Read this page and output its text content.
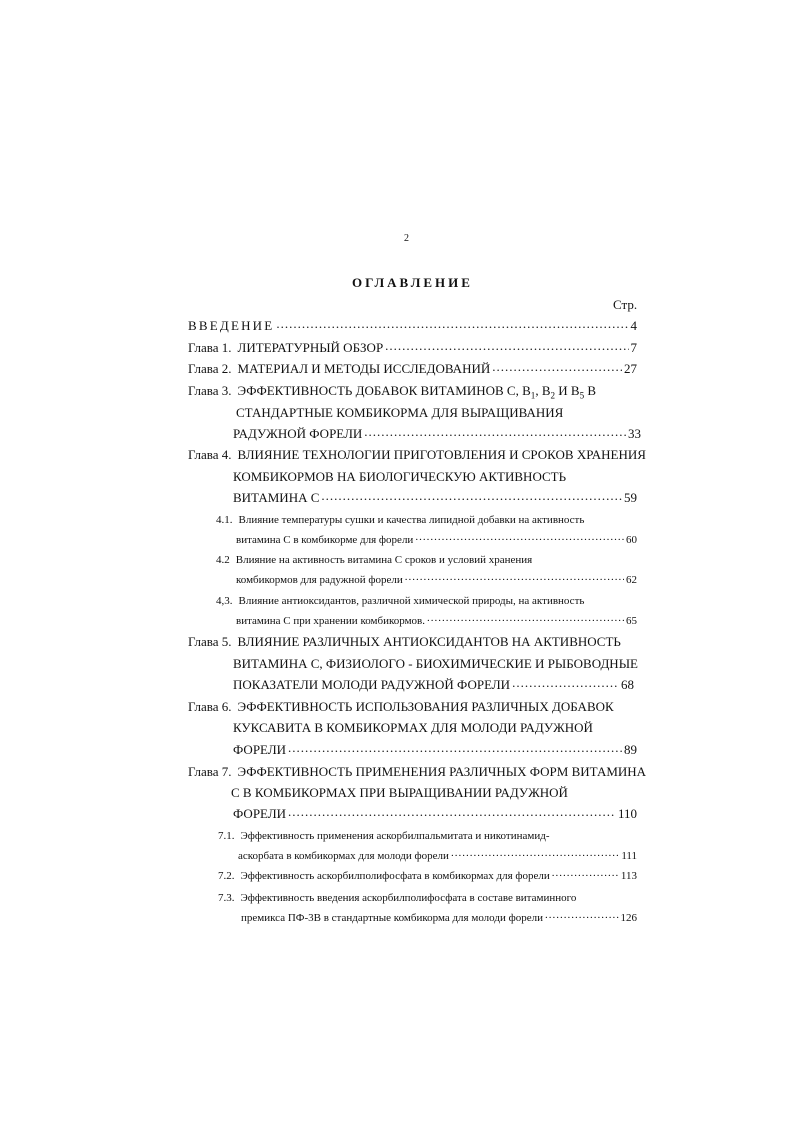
2
ОГЛАВЛЕНИЕ
Стр.
ВВЕДЕНИЕ .....	4
Глава 1. ЛИТЕРАТУРНЫЙ ОБЗОР .....	7
Глава 2. МАТЕРИАЛ И МЕТОДЫ ИССЛЕДОВАНИЙ .....	27
Глава 3. ЭФФЕКТИВНОСТЬ ДОБАВОК ВИТАМИНОВ С, $В_1$, $В_2$ И $В_5$ В
СТАНДАРТНЫЕ КОМБИКОРМА ДЛЯ ВЫРАЩИВАНИЯ
РАДУЖНОЙ ФОРЕЛИ .....	33
Глава 4. ВЛИЯНИЕ ТЕХНОЛОГИИ ПРИГОТОВЛЕНИЯ И СРОКОВ ХРАНЕНИЯ
КОМБИКОРМОВ НА БИОЛОГИЧЕСКУЮ АКТИВНОСТЬ
ВИТАМИНА С .....	59
4.1. Влияние температуры сушки и качества липидной добавки на активность
витамина С в комбикорме для форели .....	60
4.2 Влияние на активность витамина С сроков и условий хранения
комбикормов для радужной форели .....	62
4,3. Влияние антиоксидантов, различной химической природы, на активность
витамина С при хранении комбикормов. .....	65
Глава 5. ВЛИЯНИЕ РАЗЛИЧНЫХ АНТИОКСИДАНТОВ НА АКТИВНОСТЬ
ВИТАМИНА С, ФИЗИОЛОГО - БИОХИМИЧЕСКИЕ И РЫБОВОДНЫЕ
ПОКАЗАТЕЛИ МОЛОДИ РАДУЖНОЙ ФОРЕЛИ .....	68
Глава 6. ЭФФЕКТИВНОСТЬ ИСПОЛЬЗОВАНИЯ РАЗЛИЧНЫХ ДОБАВОК
КУКСАВИТА В КОМБИКОРМАХ ДЛЯ МОЛОДИ РАДУЖНОЙ
ФОРЕЛИ .....	89
Глава 7. ЭФФЕКТИВНОСТЬ ПРИМЕНЕНИЯ РАЗЛИЧНЫХ ФОРМ ВИТАМИНА
С В КОМБИКОРМАХ ПРИ ВЫРАЩИВАНИИ РАДУЖНОЙ
ФОРЕЛИ .....	110
7.1. Эффективность применения аскорбилпальмитата и никотинамид-
аскорбата в комбикормах для молоди форели .....	111
7.2. Эффективность аскорбилполифосфата в комбикормах для форели .....	113
7.3. Эффективность введения аскорбилполифосфата в составе витаминного
премикса ПФ-3В в стандартные комбикорма для молоди форели .....	126
